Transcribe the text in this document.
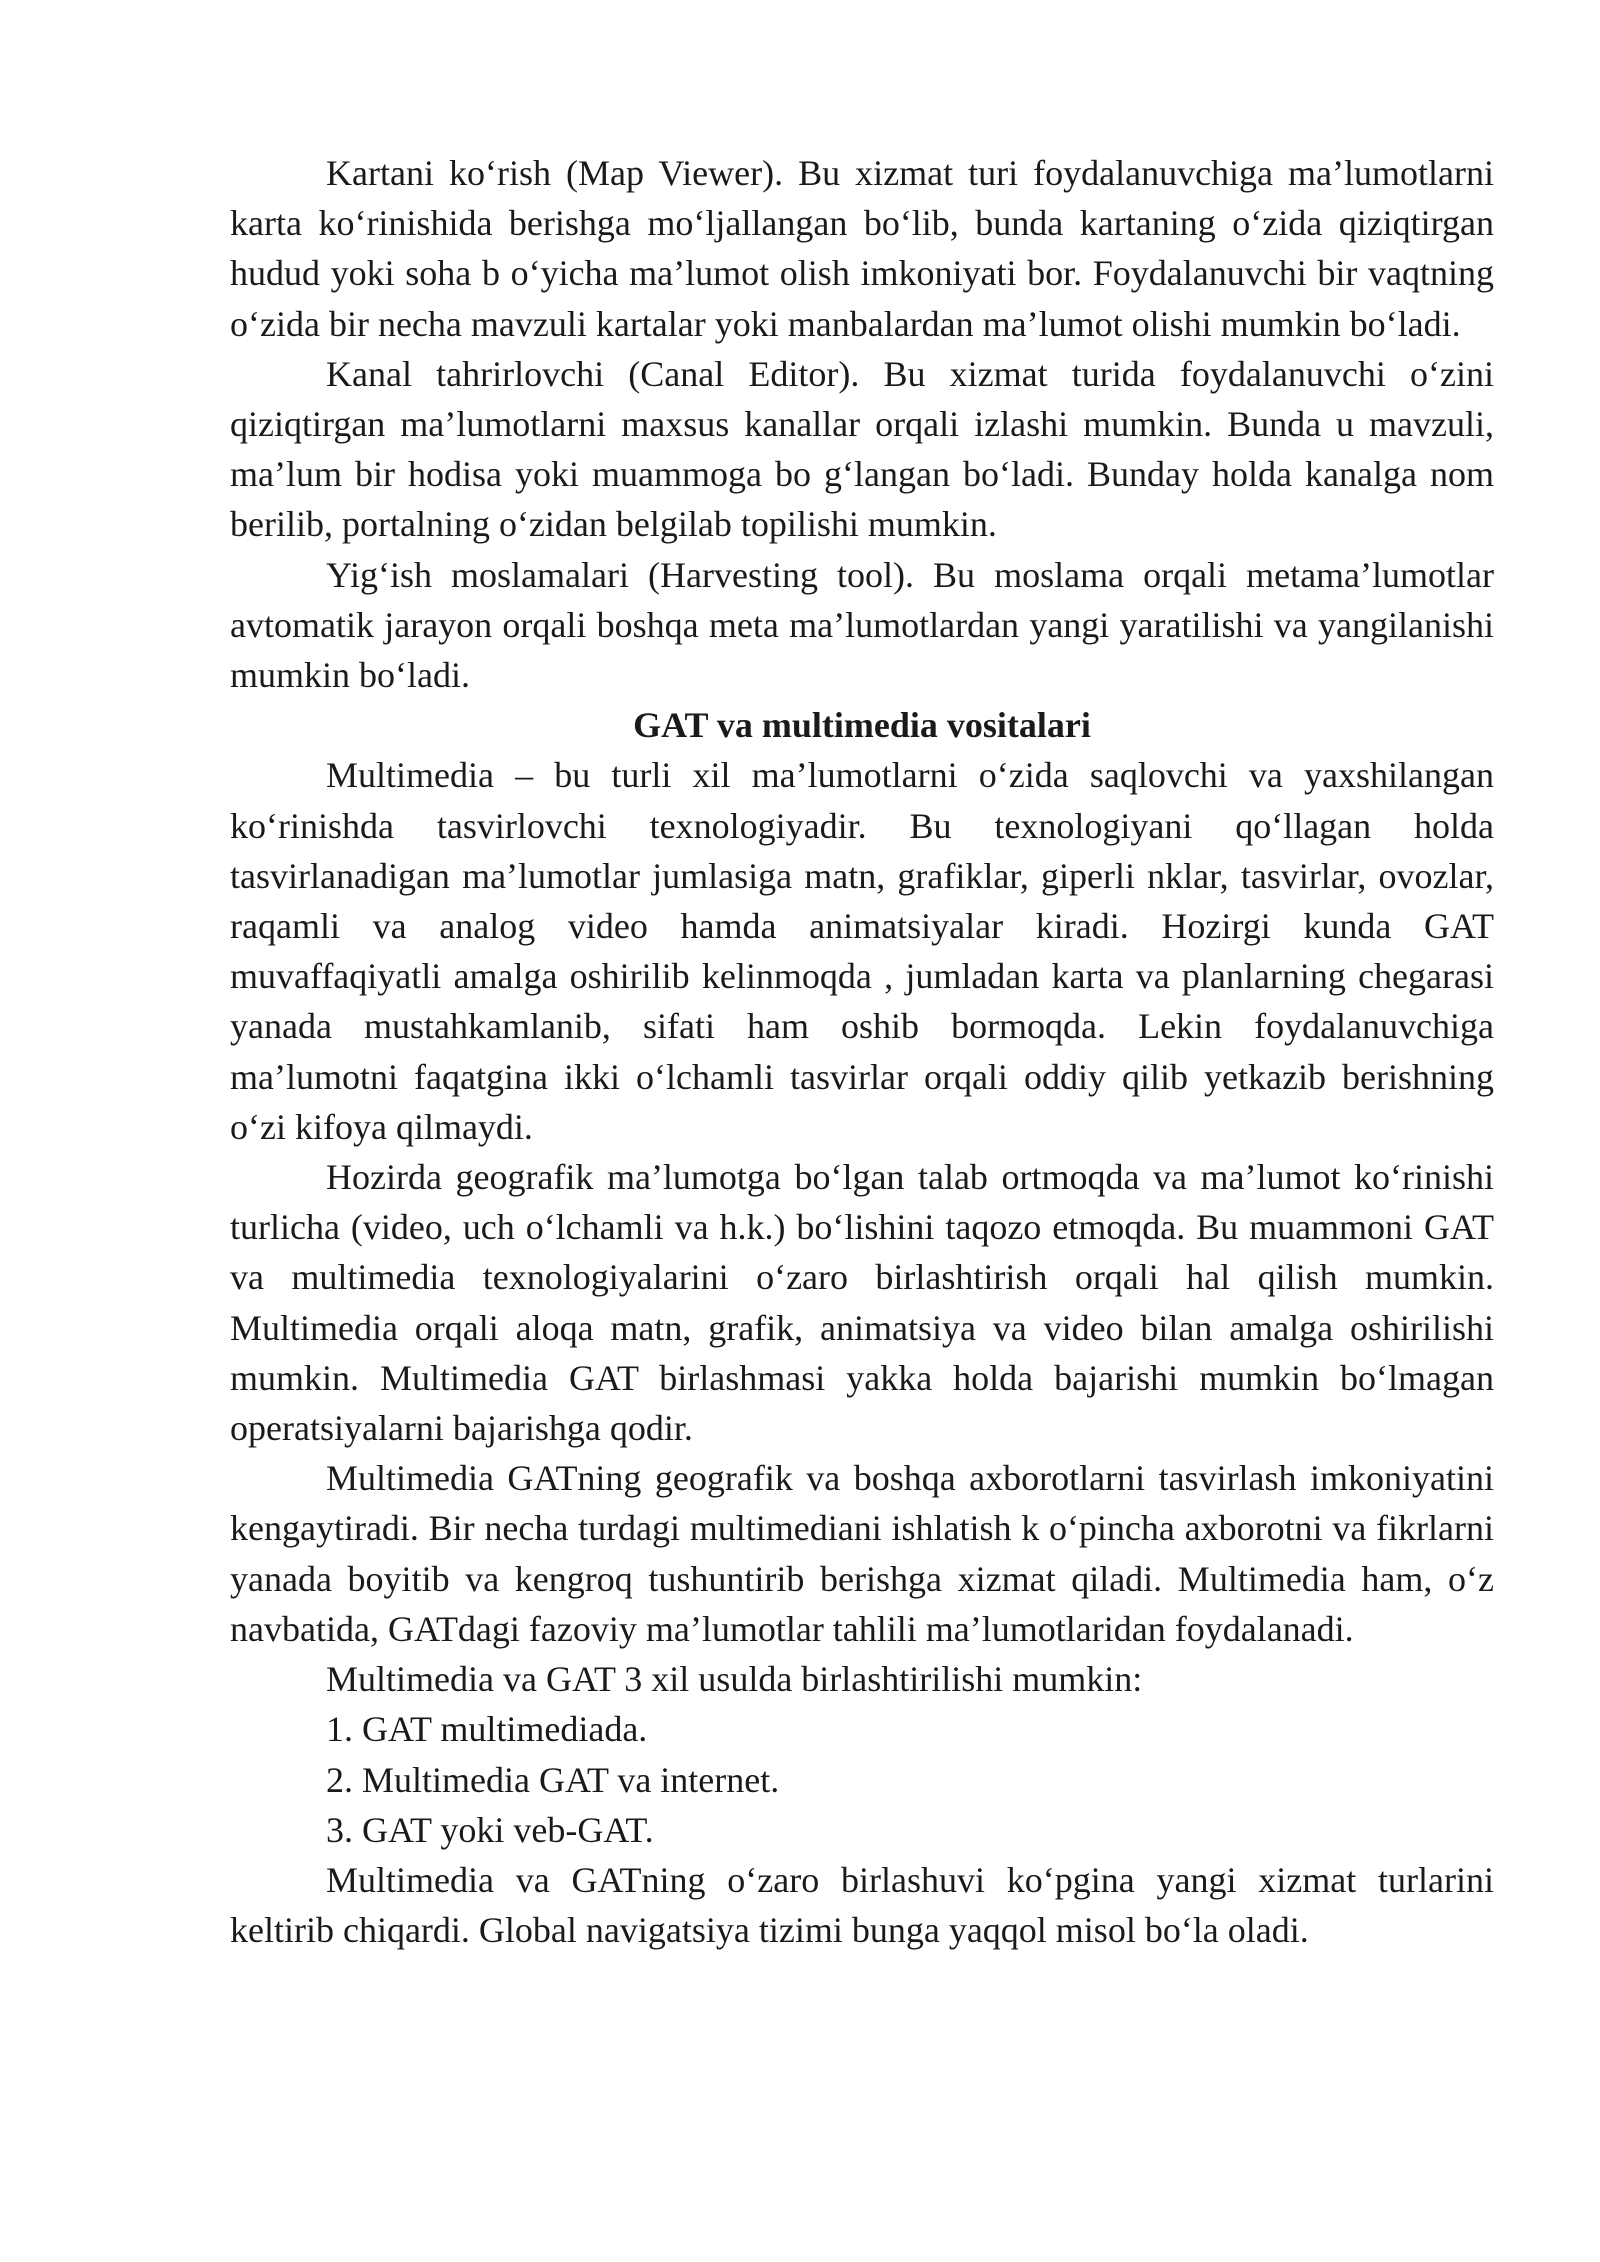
Kartani ko‘rish (Map Viewer). Bu xizmat turi foydalanuvchiga ma’lumotlarni karta ko‘rinishida berishga mo‘ljallangan bo‘lib, bunda kartaning o‘zida qiziqtirgan hudud yoki soha b o‘yicha ma’lumot olish imkoniyati bor. Foydalanuvchi bir vaqtning o‘zida bir necha mavzuli kartalar yoki manbalardan ma’lumot olishi mumkin bo‘ladi.

Kanal tahrirlovchi (Canal Editor). Bu xizmat turida foydalanuvchi o‘zini qiziqtirgan ma’lumotlarni maxsus kanallar orqali izlashi mumkin. Bunda u mavzuli, ma’lum bir hodisa yoki muammoga bo g‘langan bo‘ladi. Bunday holda kanalga nom berilib, portalning o‘zidan belgilab topilishi mumkin.

Yig‘ish moslamalari (Harvesting tool). Bu moslama orqali metama’lumotlar avtomatik jarayon orqali boshqa meta ma’lumotlardan yangi yaratilishi va yangilanishi mumkin bo‘ladi.

GAT va multimedia vositalari

Multimedia – bu turli xil ma’lumotlarni o‘zida saqlovchi va yaxshilangan ko‘rinishda tasvirlovchi texnologiyadir. Bu texnologiyani qo‘llagan holda tasvirlanadigan ma’lumotlar jumlasiga matn, grafiklar, giperli nklar, tasvirlar, ovozlar, raqamli va analog video hamda animatsiyalar kiradi. Hozirgi kunda GAT muvaffaqiyatli amalga oshirilib kelinmoqda , jumladan karta va planlarning chegarasi yanada mustahkamlanib, sifati ham oshib bormoqda. Lekin foydalanuvchiga ma’lumotni faqatgina ikki o‘lchamli tasvirlar orqali oddiy qilib yetkazib berishning o‘zi kifoya qilmaydi.

Hozirda geografik ma’lumotga bo‘lgan talab ortmoqda va ma’lumot ko‘rinishi turlicha (video, uch o‘lchamli va h.k.) bo‘lishini taqozo etmoqda. Bu muammoni GAT va multimedia texnologiyalarini o‘zaro birlashtirish orqali hal qilish mumkin. Multimedia orqali aloqa matn, grafik, animatsiya va video bilan amalga oshirilishi mumkin. Multimedia GAT birlashmasi yakka holda bajarishi mumkin bo‘lmagan operatsiyalarni bajarishga qodir.

Multimedia GATning geografik va boshqa axborotlarni tasvirlash imkoniyatini kengaytiradi. Bir necha turdagi multimediani ishlatish k o‘pincha axborotni va fikrlarni yanada boyitib va kengroq tushuntirib berishga xizmat qiladi. Multimedia ham, o‘z navbatida, GATdagi fazoviy ma’lumotlar tahlili ma’lumotlaridan foydalanadi.

Multimedia va GAT 3 xil usulda birlashtirilishi mumkin:

1. GAT multimediada.

2. Multimedia GAT va internet.

3. GAT yoki veb-GAT.

Multimedia va GATning o‘zaro birlashuvi ko‘pgina yangi xizmat turlarini keltirib chiqardi. Global navigatsiya tizimi bunga yaqqol misol bo‘la oladi.
